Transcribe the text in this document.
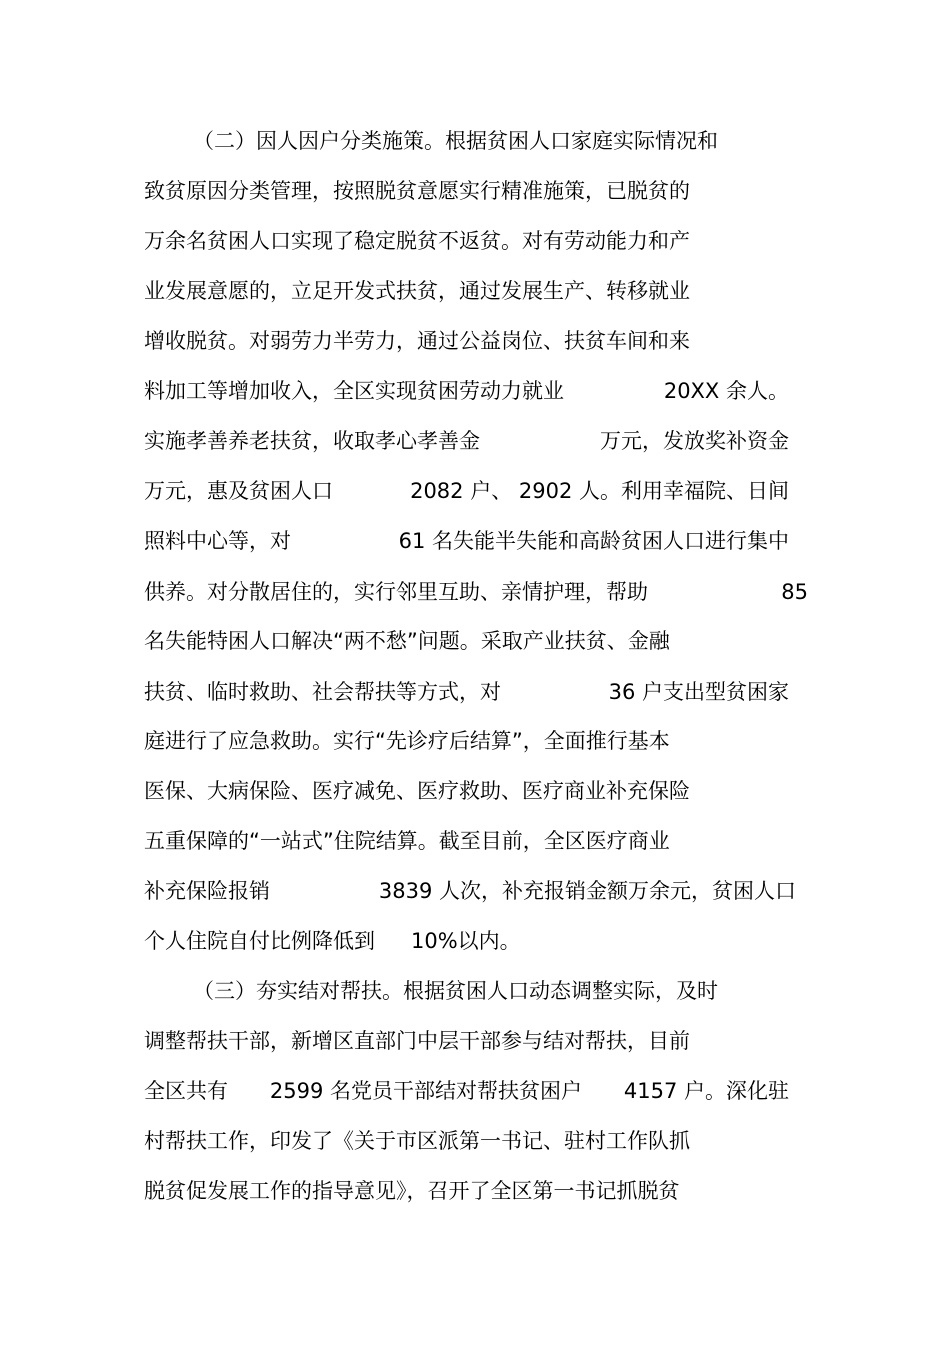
（二）因人因户分类施策。根据贫困人口家庭实际情况和
致贫原因分类管理，按照脱贫意愿实行精准施策，已脱贫的
万余名贫困人口实现了稳定脱贫不返贫。对有劳动能力和产
业发展意愿的，立足开发式扶贫，通过发展生产、转移就业
增收脱贫。对弱劳力半劳力，通过公益岗位、扶贫车间和来
料加工等增加收入，全区实现贫困劳动力就业	20XX 余人。
实施孝善养老扶贫，收取孝心孝善金	万元，发放奖补资金
万元，惠及贫困人口	2082 户、 2902 人。利用幸福院、日间
照料中心等，对	61 名失能半失能和高龄贫困人口进行集中
供养。对分散居住的，实行邻里互助、亲情护理，帮助	85
名失能特困人口解决“两不愁”问题。采取产业扶贫、金融
扶贫、临时救助、社会帮扶等方式，对	36 户支出型贫困家
庭进行了应急救助。实行“先诊疗后结算”，全面推行基本
医保、大病保险、医疗减免、医疗救助、医疗商业补充保险
五重保障的“一站式”住院结算。截至目前，全区医疗商业
补充保险报销	3839 人次，补充报销金额万余元，贫困人口
个人住院自付比例降低到 10%以内。
（三）夯实结对帮扶。根据贫困人口动态调整实际，及时
调整帮扶干部，新增区直部门中层干部参与结对帮扶，目前
全区共有 2599 名党员干部结对帮扶贫困户 4157 户。深化驻
村帮扶工作，印发了《关于市区派第一书记、驻村工作队抓
脱贫促发展工作的指导意见》，召开了全区第一书记抓脱贫
